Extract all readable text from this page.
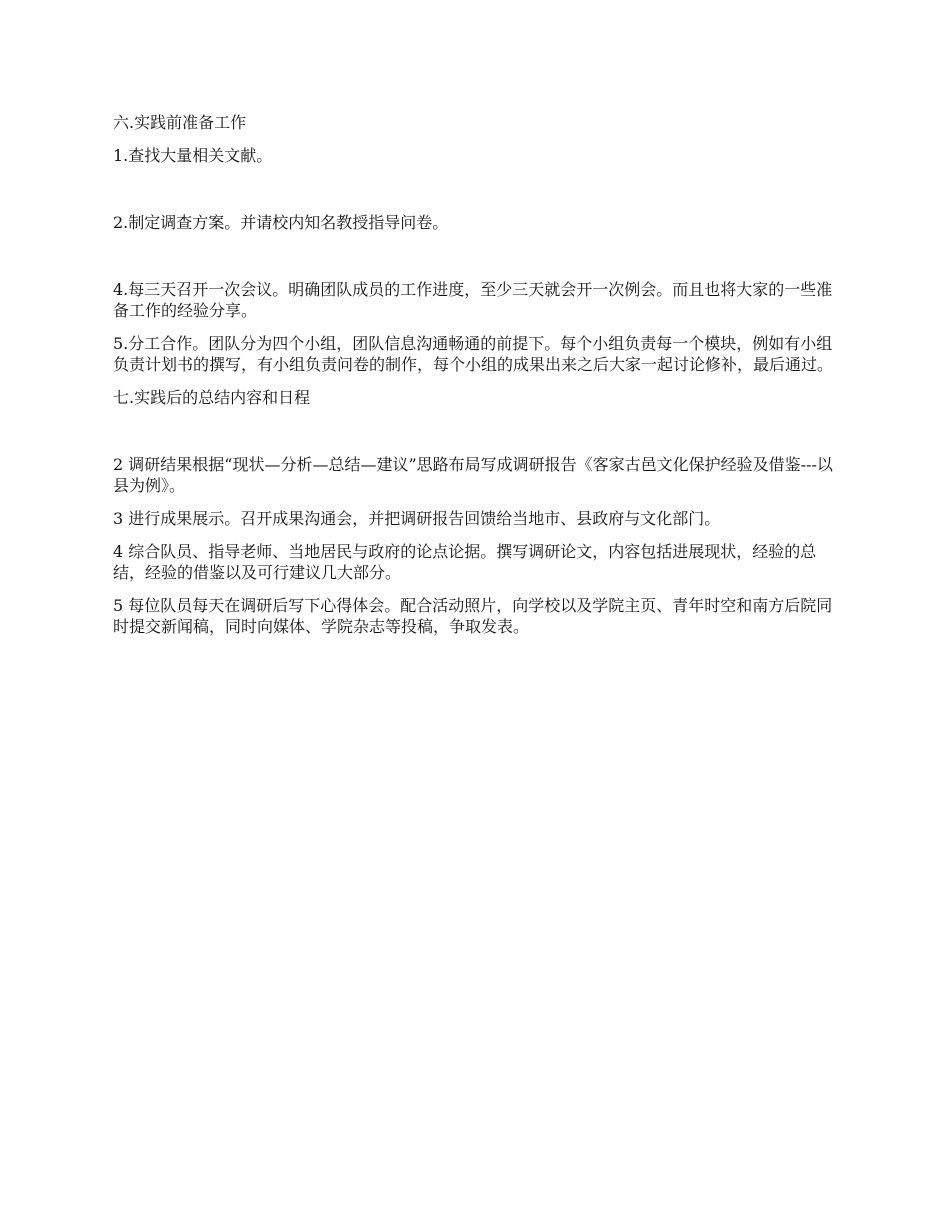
六.实践前准备工作

1.查找大量相关文献。

2.制定调查方案。并请校内知名教授指导问卷。

4.每三天召开一次会议。明确团队成员的工作进度，至少三天就会开一次例会。而且也将大家的一些准备工作的经验分享。

5.分工合作。团队分为四个小组，团队信息沟通畅通的前提下。每个小组负责每一个模块，例如有小组负责计划书的撰写，有小组负责问卷的制作，每个小组的成果出来之后大家一起讨论修补，最后通过。

七.实践后的总结内容和日程

2 调研结果根据“现状—分析—总结—建议”思路布局写成调研报告《客家古邑文化保护经验及借鉴---以县为例》。

3 进行成果展示。召开成果沟通会，并把调研报告回馈给当地市、县政府与文化部门。

4 综合队员、指导老师、当地居民与政府的论点论据。撰写调研论文，内容包括进展现状，经验的总结，经验的借鉴以及可行建议几大部分。

5 每位队员每天在调研后写下心得体会。配合活动照片，向学校以及学院主页、青年时空和南方后院同时提交新闻稿，同时向媒体、学院杂志等投稿，争取发表。
